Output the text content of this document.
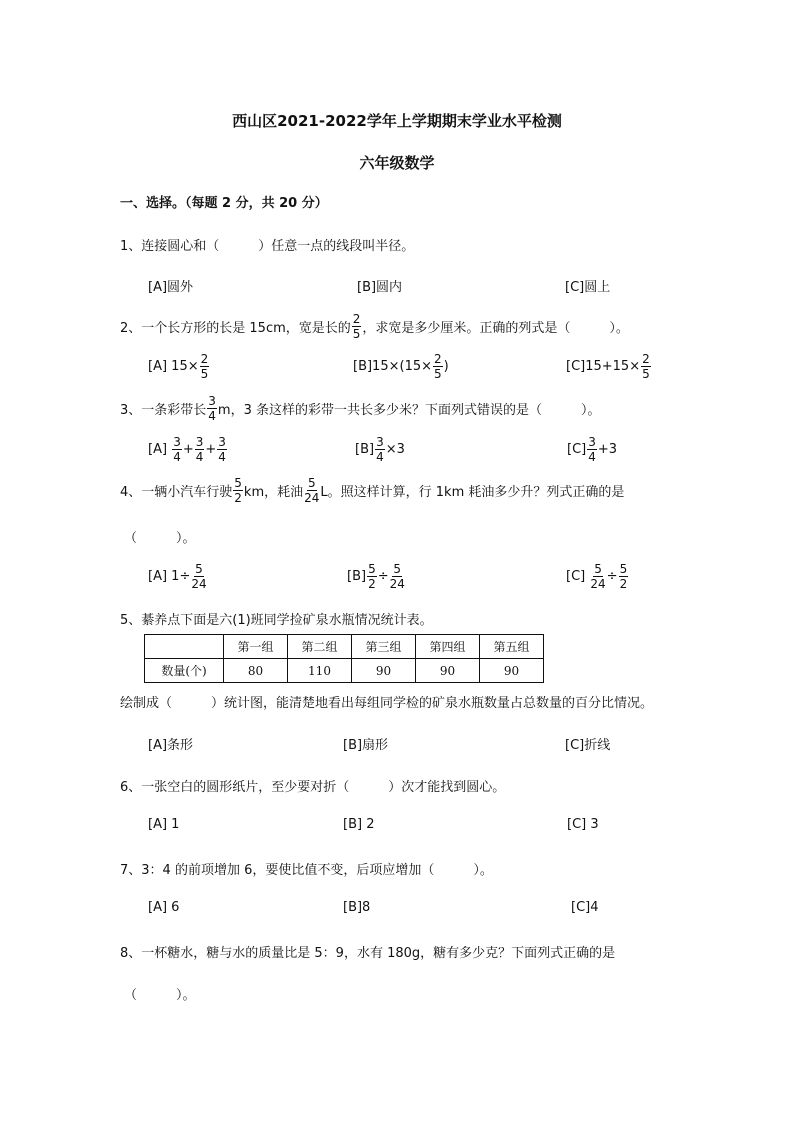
西山区2021-2022学年上学期期末学业水平检测
六年级数学
一、选择。（每题 2 分，共 20 分）
1、连接圆心和（　　　）任意一点的线段叫半径。
[A]圆外	[B]圆内	[C]圆上
2、一个长方形的长是 15cm，宽是长的 $\frac{2}{5}$ ，求宽是多少厘米。正确的列式是（　　　）。
[A] $15\times \frac{2}{5}$	$[B]15\times(15\times \frac{2}{5}$ )	$[C]15+15\times \frac{2}{5}$
3、一条彩带长 $\frac{3}{4}$ m，3 条这样的彩带一共长多少米？下面列式错误的是（　　　）。
[A]
$\frac{3}{4} + \frac{3}{4} + \frac{3}{4}$	$[B] \frac{3}{4} \times 3$	$[C] \frac{3}{4} +3$
4、一辆小汽车行驶 $\frac{5}{2}$ km，耗油 $\frac{5}{24}$ L。照这样计算，行 1km 耗油多少升？列式正确的是
（　　　）。
[A] $1\div \frac{5}{24}$	$[B] \frac{5}{2} \div \frac{5}{24}$	[C]
$\frac{5}{24} \div \frac{5}{2}$
5、綦养点下面是六(1)班同学捡矿泉水瓶情况统计表。
	第一组	第二组	第三组	第四组	第五组
数量(个)	80	110	90	90	90
绘制成（　　　）统计图，能清楚地看出每组同学检的矿泉水瓶数量占总数量的百分比情况。
[A]条形	[B]扇形	[C]折线
6、一张空白的圆形纸片，至少要对折（　　　）次才能找到圆心。
[A] 1	[B] 2	[C] 3
7、3：4 的前项增加 6，要使比值不变，后项应增加（　　　）。
[A] 6	[B]8	[C]4
8、一杯糖水，糖与水的质量比是 5：9，水有 180g，糖有多少克？下面列式正确的是
（　　　）。
